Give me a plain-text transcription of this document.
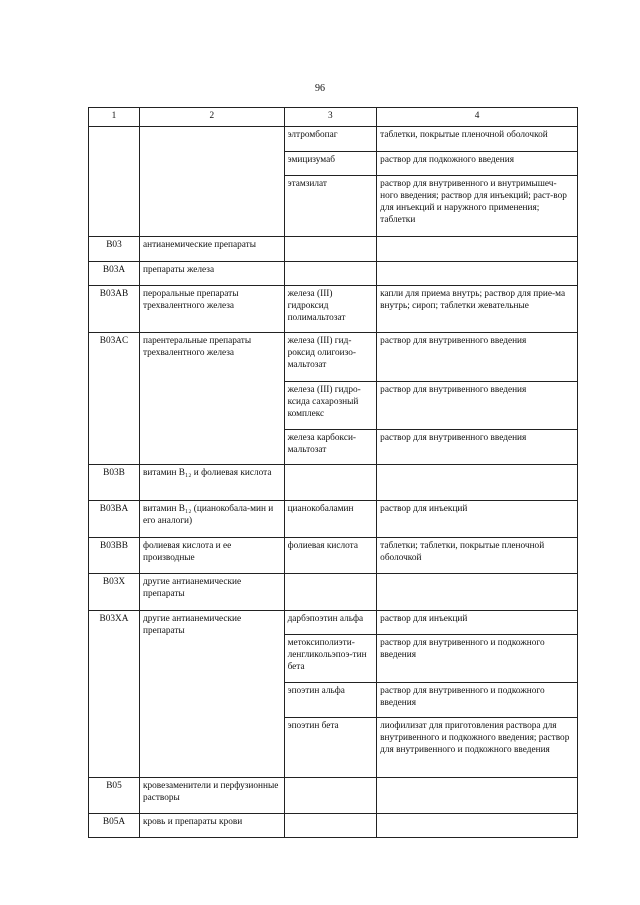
96
1	2	3	4
		элтромбопаг	таблетки, покрытые пленочной оболочкой
		эмицизумаб	раствор для подкожного введения
		этамзилат	раствор для внутривенного и внутримышеч-ного введения; раствор для инъекций; раст-вор для инъекций и наружного применения; таблетки
B03	антианемические препараты		
B03A	препараты железа		
B03AB	пероральные препараты трехвалентного железа	железа (III) гидроксид полимальтозат	капли для приема внутрь; раствор для прие-ма внутрь; сироп; таблетки жевательные
B03AC	парентеральные препараты трехвалентного железа	железа (III) гид-роксид олигоизо-мальтозат	раствор для внутривенного введения
		железа (III) гидро-ксида сахарозный комплекс	раствор для внутривенного введения
		железа карбокси-мальтозат	раствор для внутривенного введения
B03B	витамин B₁₂ и фолиевая кислота		
B03BA	витамин B₁₂ (цианокобала-мин и его аналоги)	цианокобаламин	раствор для инъекций
B03BB	фолиевая кислота и ее производные	фолиевая кислота	таблетки; таблетки, покрытые пленочной оболочкой
B03X	другие антианемические препараты		
B03XA	другие антианемические препараты	дарбэпоэтин альфа	раствор для инъекций
		метоксиполиэти-ленгликольэпоэ-тин бета	раствор для внутривенного и подкожного введения
		эпоэтин альфа	раствор для внутривенного и подкожного введения
		эпоэтин бета	лиофилизат для приготовления раствора для внутривенного и подкожного введения; раствор для внутривенного и подкожного введения
B05	кровезаменители и перфузионные растворы		
B05A	кровь и препараты крови		
